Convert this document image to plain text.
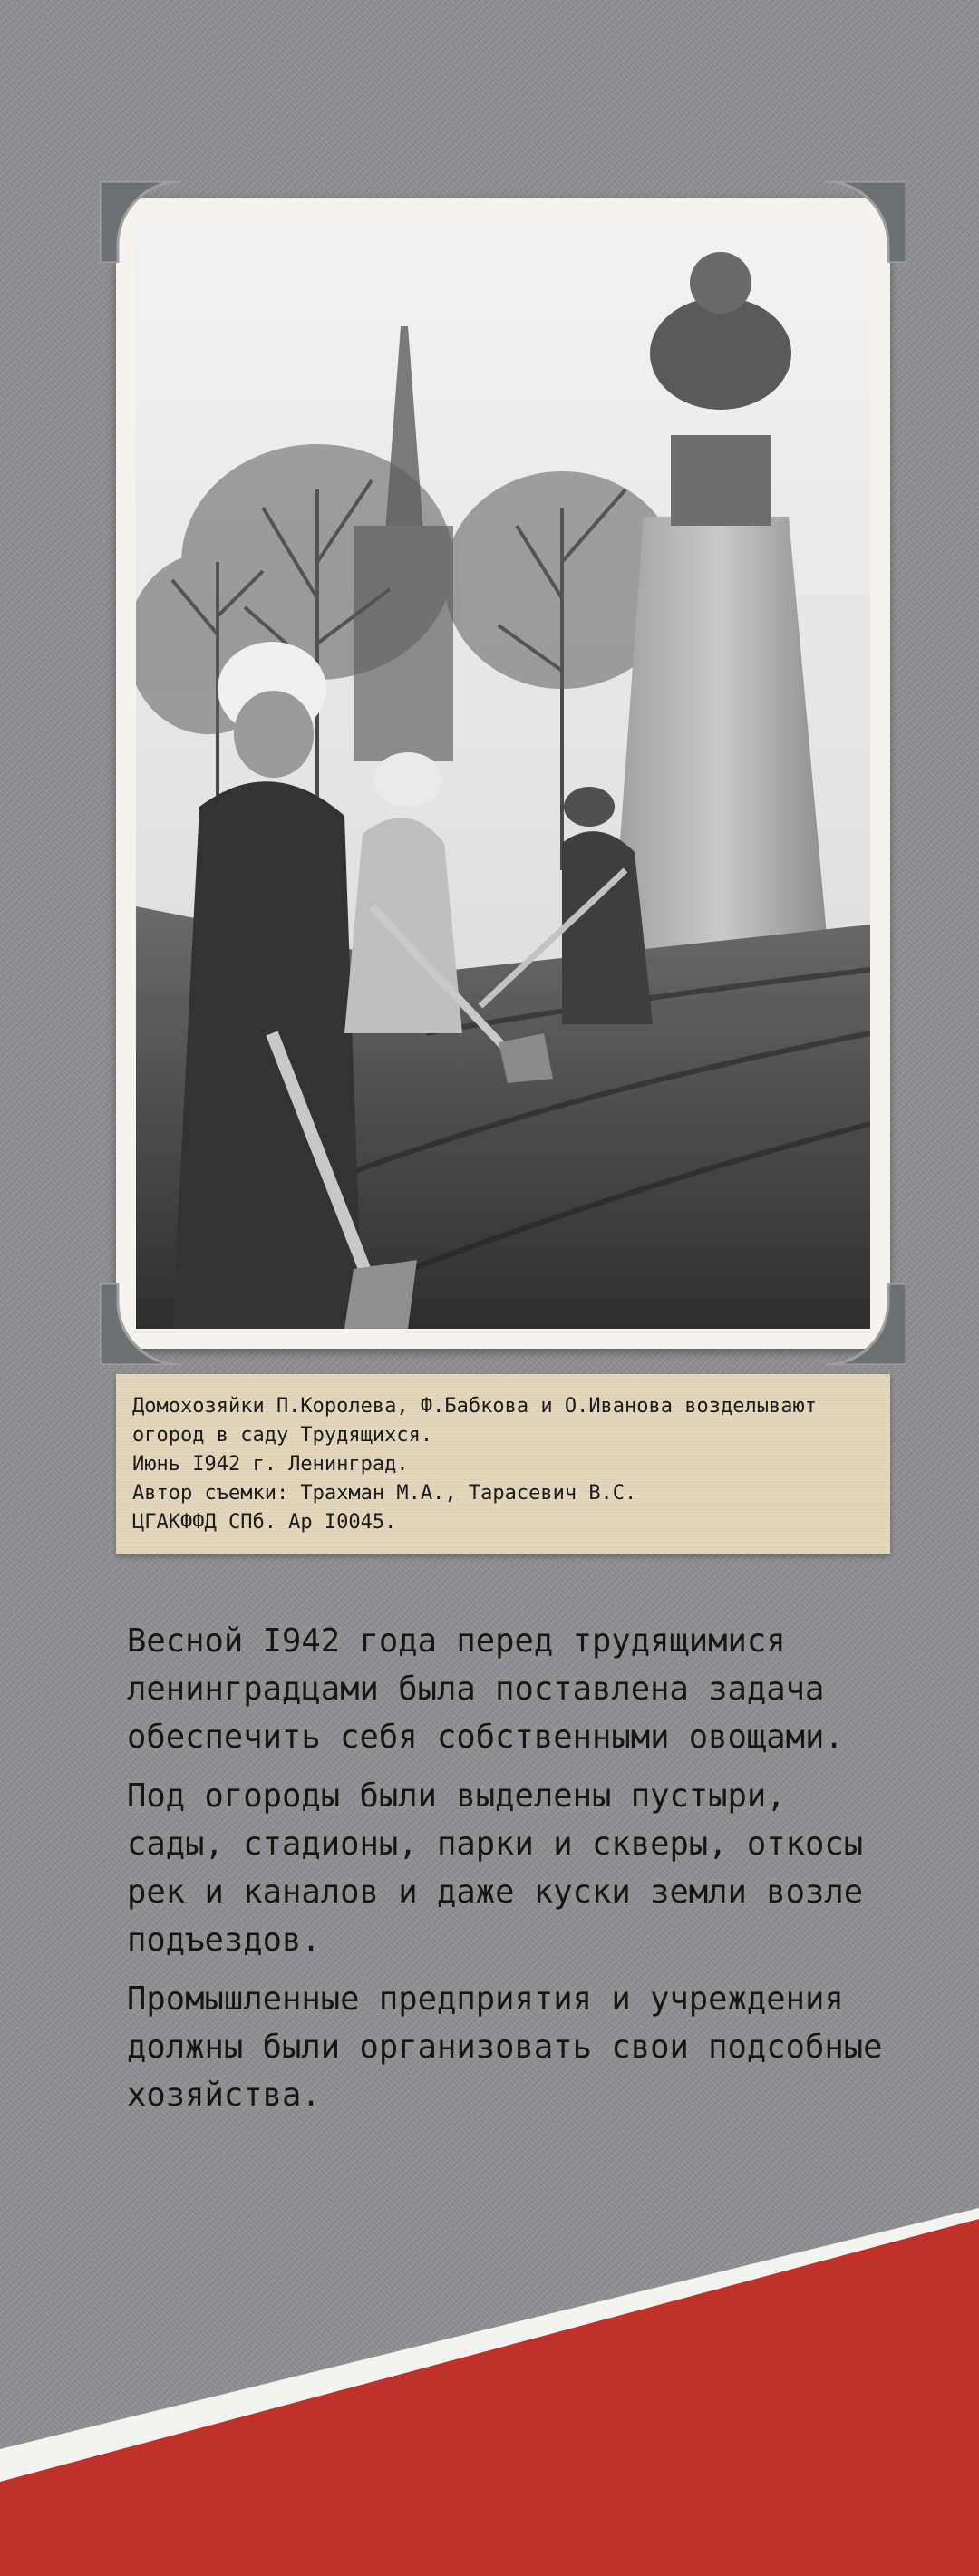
Домохозяйки П.Королева, Ф.Бабкова и О.Иванова возделывают
огород в саду Трудящихся.
Июнь I942 г. Ленинград.
Автор съемки: Трахман М.А., Тарасевич В.С.
ЦГАКФФД СПб. Ар I0045.

Весной I942 года перед трудящимися
ленинградцами была поставлена задача
обеспечить себя собственными овощами.

Под огороды были выделены пустыри,
сады, стадионы, парки и скверы, откосы
рек и каналов и даже куски земли возле
подъездов.

Промышленные предприятия и учреждения
должны были организовать свои подсобные
хозяйства.
